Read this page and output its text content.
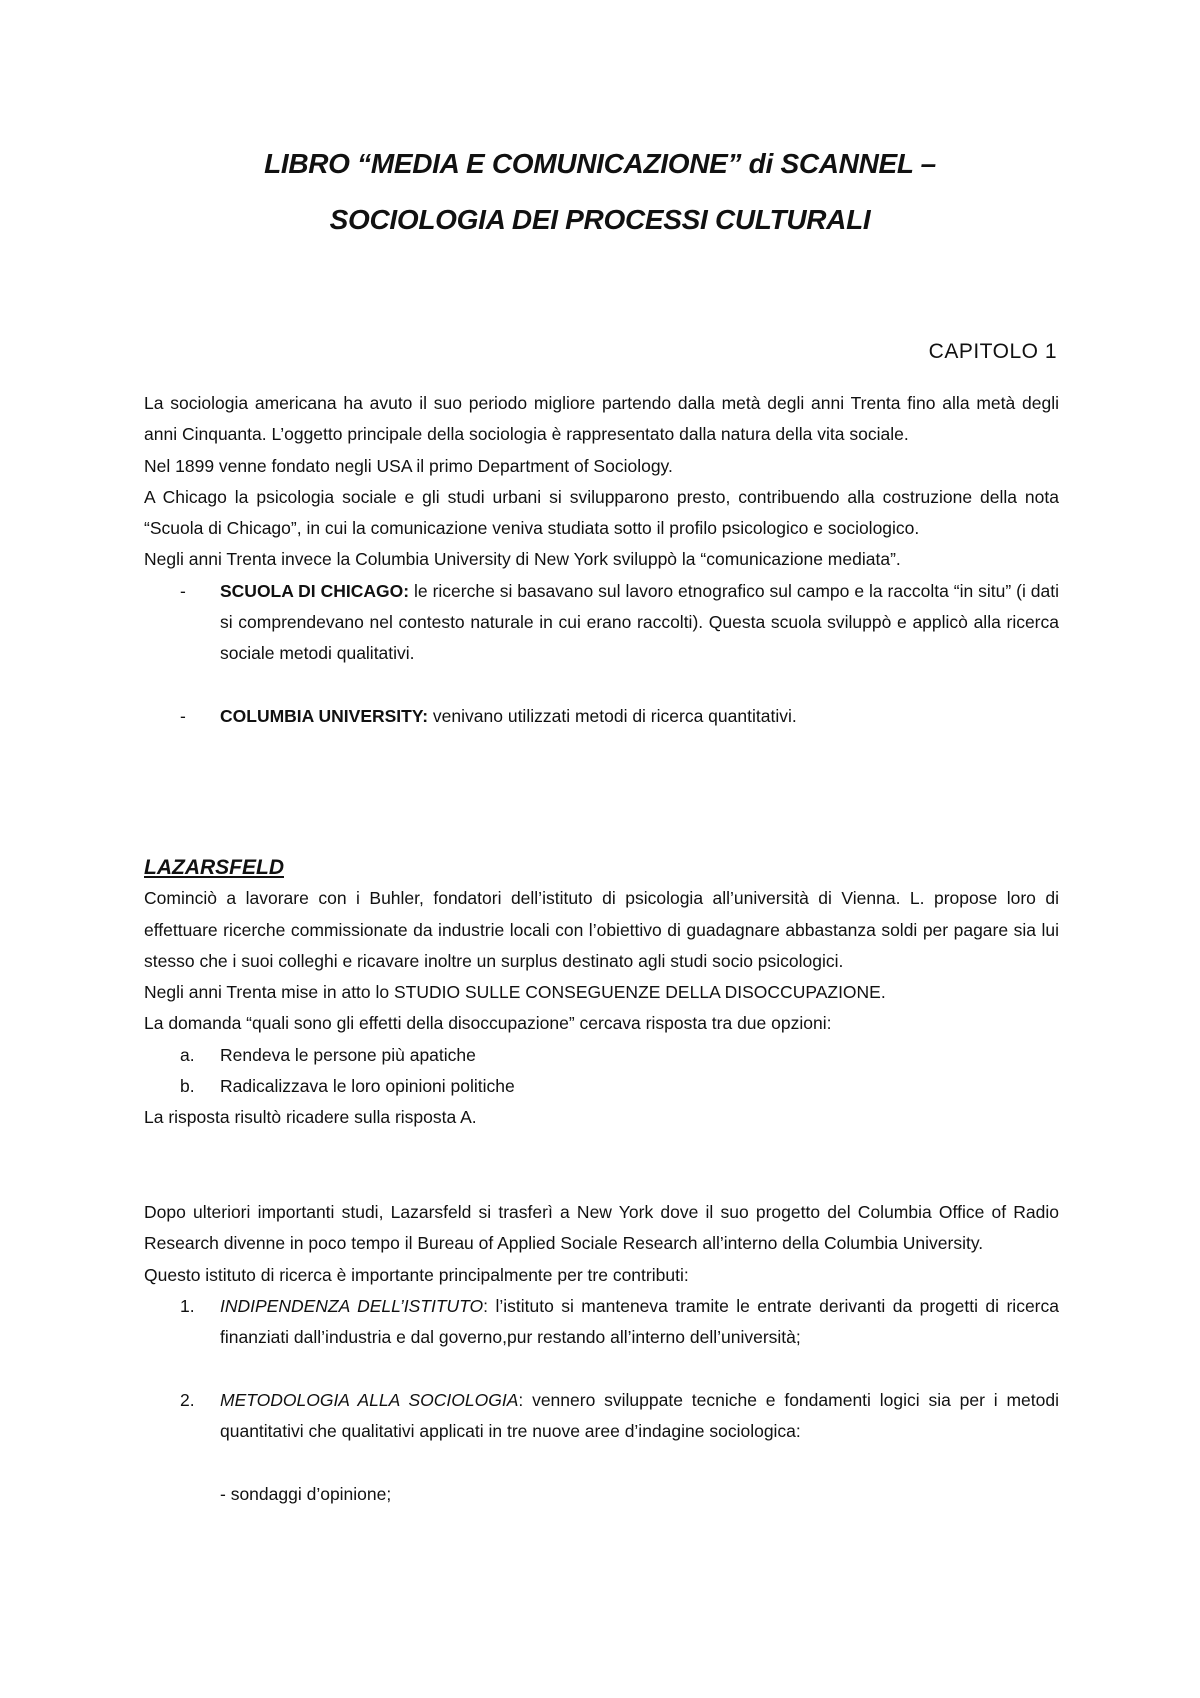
LIBRO “MEDIA E COMUNICAZIONE” di SCANNEL –
SOCIOLOGIA DEI PROCESSI CULTURALI
CAPITOLO 1

La sociologia americana ha avuto il suo periodo migliore partendo dalla metà degli anni Trenta fino alla metà degli anni Cinquanta. L’oggetto principale della sociologia è rappresentato dalla natura della vita sociale.

Nel 1899 venne fondato negli USA il primo Department of Sociology.

A Chicago la psicologia sociale e gli studi urbani si svilupparono presto, contribuendo alla costruzione della nota “Scuola di Chicago”, in cui la comunicazione veniva studiata sotto il profilo psicologico e sociologico.

Negli anni Trenta invece la Columbia University di New York sviluppò la “comunicazione mediata”.

- SCUOLA DI CHICAGO: le ricerche si basavano sul lavoro etnografico sul campo e la raccolta “in situ” (i dati si comprendevano nel contesto naturale in cui erano raccolti). Questa scuola sviluppò e applicò alla ricerca sociale metodi qualitativi.
- COLUMBIA UNIVERSITY: venivano utilizzati metodi di ricerca quantitativi.
LAZARSFELD

Cominciò a lavorare con i Buhler, fondatori dell’istituto di psicologia all’università di Vienna. L. propose loro di effettuare ricerche commissionate da industrie locali con l’obiettivo di guadagnare abbastanza soldi per pagare sia lui stesso che i suoi colleghi e ricavare inoltre un surplus destinato agli studi socio psicologici.

Negli anni Trenta mise in atto lo STUDIO SULLE CONSEGUENZE DELLA DISOCCUPAZIONE.

La domanda “quali sono gli effetti della disoccupazione” cercava risposta tra due opzioni:

a. Rendeva le persone più apatiche
b. Radicalizzava le loro opinioni politiche

La risposta risultò ricadere sulla risposta A.

Dopo ulteriori importanti studi, Lazarsfeld si trasferì a New York dove il suo progetto del Columbia Office of Radio Research divenne in poco tempo il Bureau of Applied Sociale Research all’interno della Columbia University.

Questo istituto di ricerca è importante principalmente per tre contributi:

1. INDIPENDENZA DELL’ISTITUTO: l’istituto si manteneva tramite le entrate derivanti da progetti di ricerca finanziati dall’industria e dal governo,pur restando all’interno dell’università;
2. METODOLOGIA ALLA SOCIOLOGIA: vennero sviluppate tecniche e fondamenti logici sia per i metodi quantitativi che qualitativi applicati in tre nuove aree d’indagine sociologica:
- sondaggi d’opinione;
